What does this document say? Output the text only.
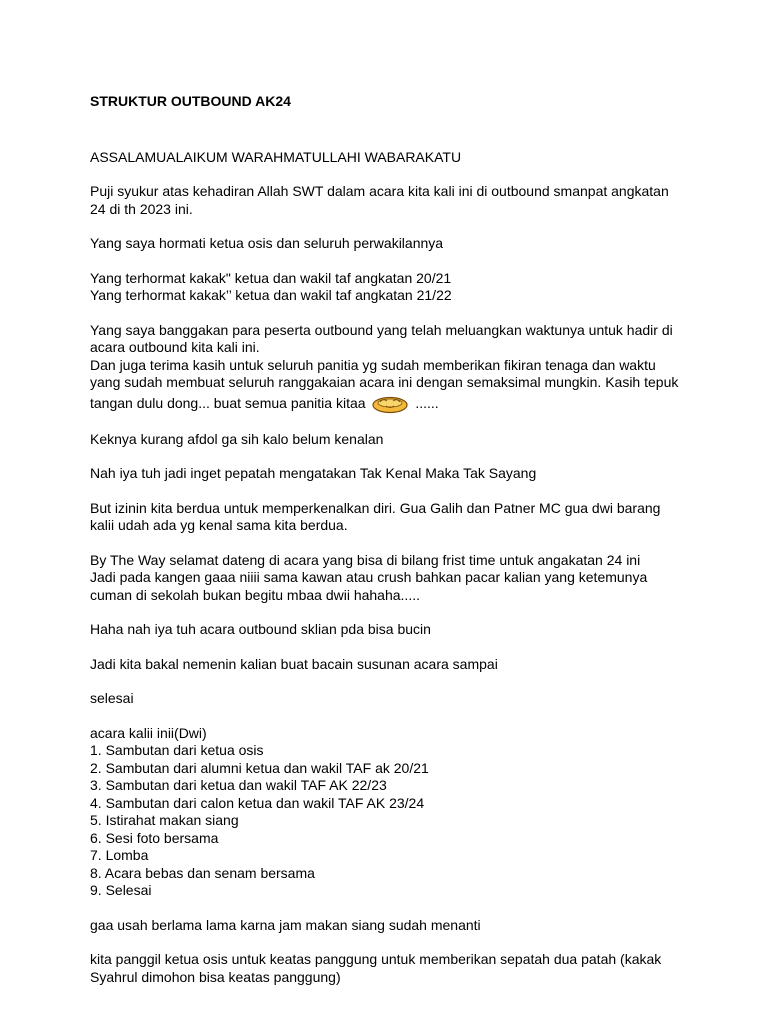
STRUKTUR OUTBOUND AK24
ASSALAMUALAIKUM WARAHMATULLAHI WABARAKATU
Puji syukur atas kehadiran Allah SWT dalam acara kita kali ini di outbound smanpat angkatan 24 di th 2023 ini.
Yang saya hormati ketua osis dan seluruh perwakilannya
Yang terhormat kakak" ketua dan wakil taf angkatan 20/21
Yang terhormat kakak’’ ketua dan wakil taf angkatan 21/22
Yang saya banggakan para peserta outbound yang telah meluangkan waktunya untuk hadir di acara outbound kita kali ini.
Dan juga terima kasih untuk seluruh panitia yg sudah memberikan fikiran tenaga dan waktu yang sudah membuat seluruh ranggakaian acara ini dengan semaksimal mungkin. Kasih tepuk
tangan dulu dong... buat semua panitia kitaa	......
Keknya kurang afdol ga sih kalo belum kenalan
Nah iya tuh jadi inget pepatah mengatakan Tak Kenal Maka Tak Sayang
But izinin kita berdua untuk memperkenalkan diri. Gua Galih dan Patner MC gua dwi barang kalii udah ada yg kenal sama kita berdua.
By The Way selamat dateng di acara yang bisa di bilang frist time untuk angakatan 24 ini
Jadi pada kangen gaaa niiii sama kawan atau crush bahkan pacar kalian yang ketemunya cuman di sekolah bukan begitu mbaa dwii hahaha.....
Haha nah iya tuh acara outbound sklian pda bisa bucin
Jadi kita bakal nemenin kalian buat bacain susunan acara sampai
selesai
acara kalii inii(Dwi)
1. Sambutan dari ketua osis
2. Sambutan dari alumni ketua dan wakil TAF ak 20/21
3. Sambutan dari ketua dan wakil TAF AK 22/23
4. Sambutan dari calon ketua dan wakil TAF AK 23/24
5. Istirahat makan siang
6. Sesi foto bersama
7. Lomba
8. Acara bebas dan senam bersama
9. Selesai
gaa usah berlama lama karna jam makan siang sudah menanti
kita panggil ketua osis untuk keatas panggung untuk memberikan sepatah dua patah (kakak Syahrul dimohon bisa keatas panggung)
